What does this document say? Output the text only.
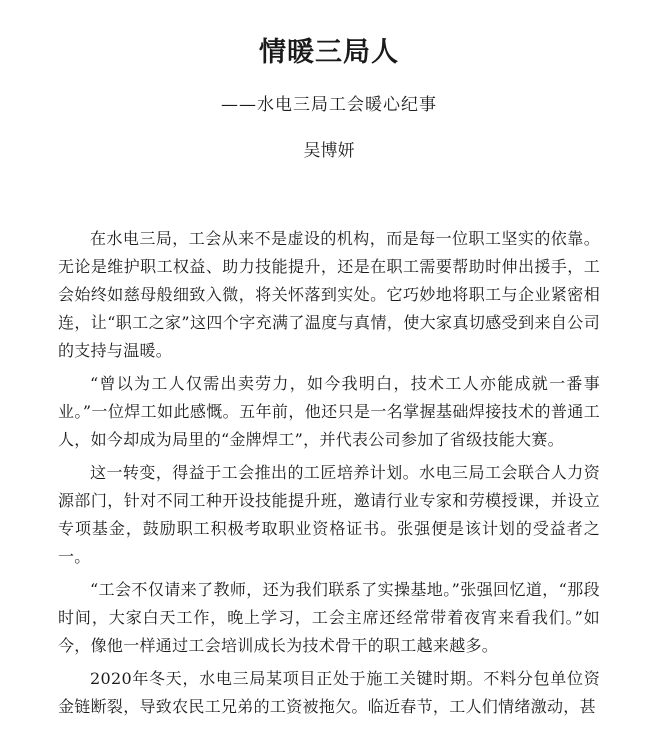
情暖三局人

——水电三局工会暖心纪事

吴博妍

在水电三局，工会从来不是虚设的机构，而是每一位职工坚实的依靠。无论是维护职工权益、助力技能提升，还是在职工需要帮助时伸出援手，工会始终如慈母般细致入微，将关怀落到实处。它巧妙地将职工与企业紧密相连，让“职工之家”这四个字充满了温度与真情，使大家真切感受到来自公司的支持与温暖。

“曾以为工人仅需出卖劳力，如今我明白，技术工人亦能成就一番事业。”一位焊工如此感慨。五年前，他还只是一名掌握基础焊接技术的普通工人，如今却成为局里的“金牌焊工”，并代表公司参加了省级技能大赛。

这一转变，得益于工会推出的工匠培养计划。水电三局工会联合人力资源部门，针对不同工种开设技能提升班，邀请行业专家和劳模授课，并设立专项基金，鼓励职工积极考取职业资格证书。张强便是该计划的受益者之一。

“工会不仅请来了教师，还为我们联系了实操基地。”张强回忆道，“那段时间，大家白天工作，晚上学习，工会主席还经常带着夜宵来看我们。”如今，像他一样通过工会培训成长为技术骨干的职工越来越多。

2020年冬天，水电三局某项目正处于施工关键时期。不料分包单位资金链断裂，导致农民工兄弟的工资被拖欠。临近春节，工人们情绪激动，甚
